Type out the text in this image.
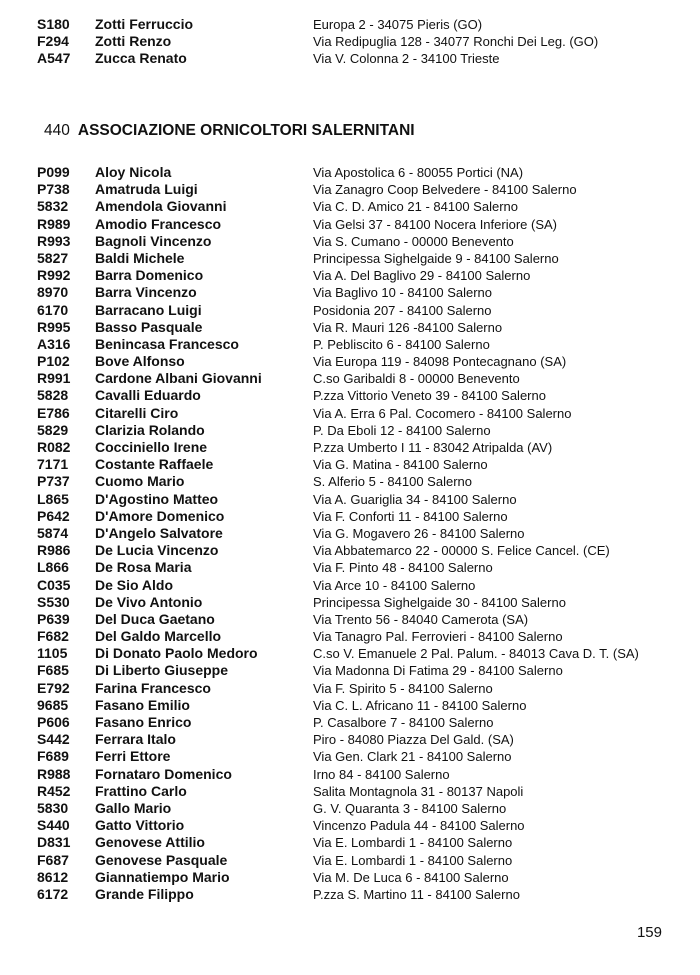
S180 Zotti Ferruccio	Europa 2 - 34075 Pieris (GO)
F294 Zotti Renzo	Via Redipuglia 128 - 34077 Ronchi Dei Leg. (GO)
A547 Zucca Renato	Via V. Colonna 2 - 34100 Trieste
440 ASSOCIAZIONE ORNICOLTORI SALERNITANI
P099 Aloy Nicola	Via Apostolica 6 - 80055 Portici (NA)
P738 Amatruda Luigi	Via Zanagro Coop Belvedere - 84100 Salerno
5832 Amendola Giovanni	Via C. D. Amico 21 - 84100 Salerno
R989 Amodio Francesco	Via Gelsi 37 - 84100 Nocera Inferiore (SA)
R993 Bagnoli Vincenzo	Via S. Cumano - 00000 Benevento
5827 Baldi Michele	Principessa Sighelgaide 9 - 84100 Salerno
R992 Barra Domenico	Via A. Del Baglivo 29 - 84100 Salerno
8970 Barra Vincenzo	Via Baglivo 10 - 84100 Salerno
6170 Barracano Luigi	Posidonia 207 - 84100 Salerno
R995 Basso Pasquale	Via R. Mauri 126 -84100 Salerno
A316 Benincasa Francesco	P. Pebliscito 6 - 84100 Salerno
P102 Bove Alfonso	Via Europa 119 - 84098 Pontecagnano (SA)
R991 Cardone Albani Giovanni	C.so Garibaldi 8 - 00000 Benevento
5828 Cavalli Eduardo	P.zza Vittorio Veneto 39 - 84100 Salerno
E786 Citarelli Ciro	Via A. Erra 6 Pal. Cocomero - 84100 Salerno
5829 Clarizia Rolando	P. Da Eboli 12 - 84100 Salerno
R082 Cocciniello Irene	P.zza Umberto I 11 - 83042 Atripalda (AV)
7171 Costante Raffaele	Via G. Matina - 84100 Salerno
P737 Cuomo Mario	S. Alferio 5 - 84100 Salerno
L865 D'Agostino Matteo	Via A. Guariglia 34 - 84100 Salerno
P642 D'Amore Domenico	Via F. Conforti 11 - 84100 Salerno
5874 D'Angelo Salvatore	Via G. Mogavero 26 - 84100 Salerno
R986 De Lucia Vincenzo	Via Abbatemarco 22 - 00000 S. Felice Cancel. (CE)
L866 De Rosa Maria	Via F. Pinto 48 - 84100 Salerno
C035 De Sio Aldo	Via Arce 10 - 84100 Salerno
S530 De Vivo Antonio	Principessa Sighelgaide 30 - 84100 Salerno
P639 Del Duca Gaetano	Via Trento 56 - 84040 Camerota (SA)
F682 Del Galdo Marcello	Via Tanagro Pal. Ferrovieri - 84100 Salerno
1105 Di Donato Paolo Medoro	C.so V. Emanuele 2 Pal. Palum. - 84013 Cava D. T. (SA)
F685 Di Liberto Giuseppe	Via Madonna Di Fatima 29 - 84100 Salerno
E792 Farina Francesco	Via F. Spirito 5 - 84100 Salerno
9685 Fasano Emilio	Via C. L. Africano 11 - 84100 Salerno
P606 Fasano Enrico	P. Casalbore 7 - 84100 Salerno
S442 Ferrara Italo	Piro - 84080 Piazza Del Gald. (SA)
F689 Ferri Ettore	Via Gen. Clark 21 - 84100 Salerno
R988 Fornataro Domenico	Irno 84 - 84100 Salerno
R452 Frattino Carlo	Salita Montagnola 31 - 80137 Napoli
5830 Gallo Mario	G. V. Quaranta 3 - 84100 Salerno
S440 Gatto Vittorio	Vincenzo Padula 44 - 84100 Salerno
D831 Genovese Attilio	Via E. Lombardi 1 - 84100 Salerno
F687 Genovese Pasquale	Via E. Lombardi 1 - 84100 Salerno
8612 Giannatiempo Mario	Via M. De Luca 6 - 84100 Salerno
6172 Grande Filippo	P.zza S. Martino 11 - 84100 Salerno
159
